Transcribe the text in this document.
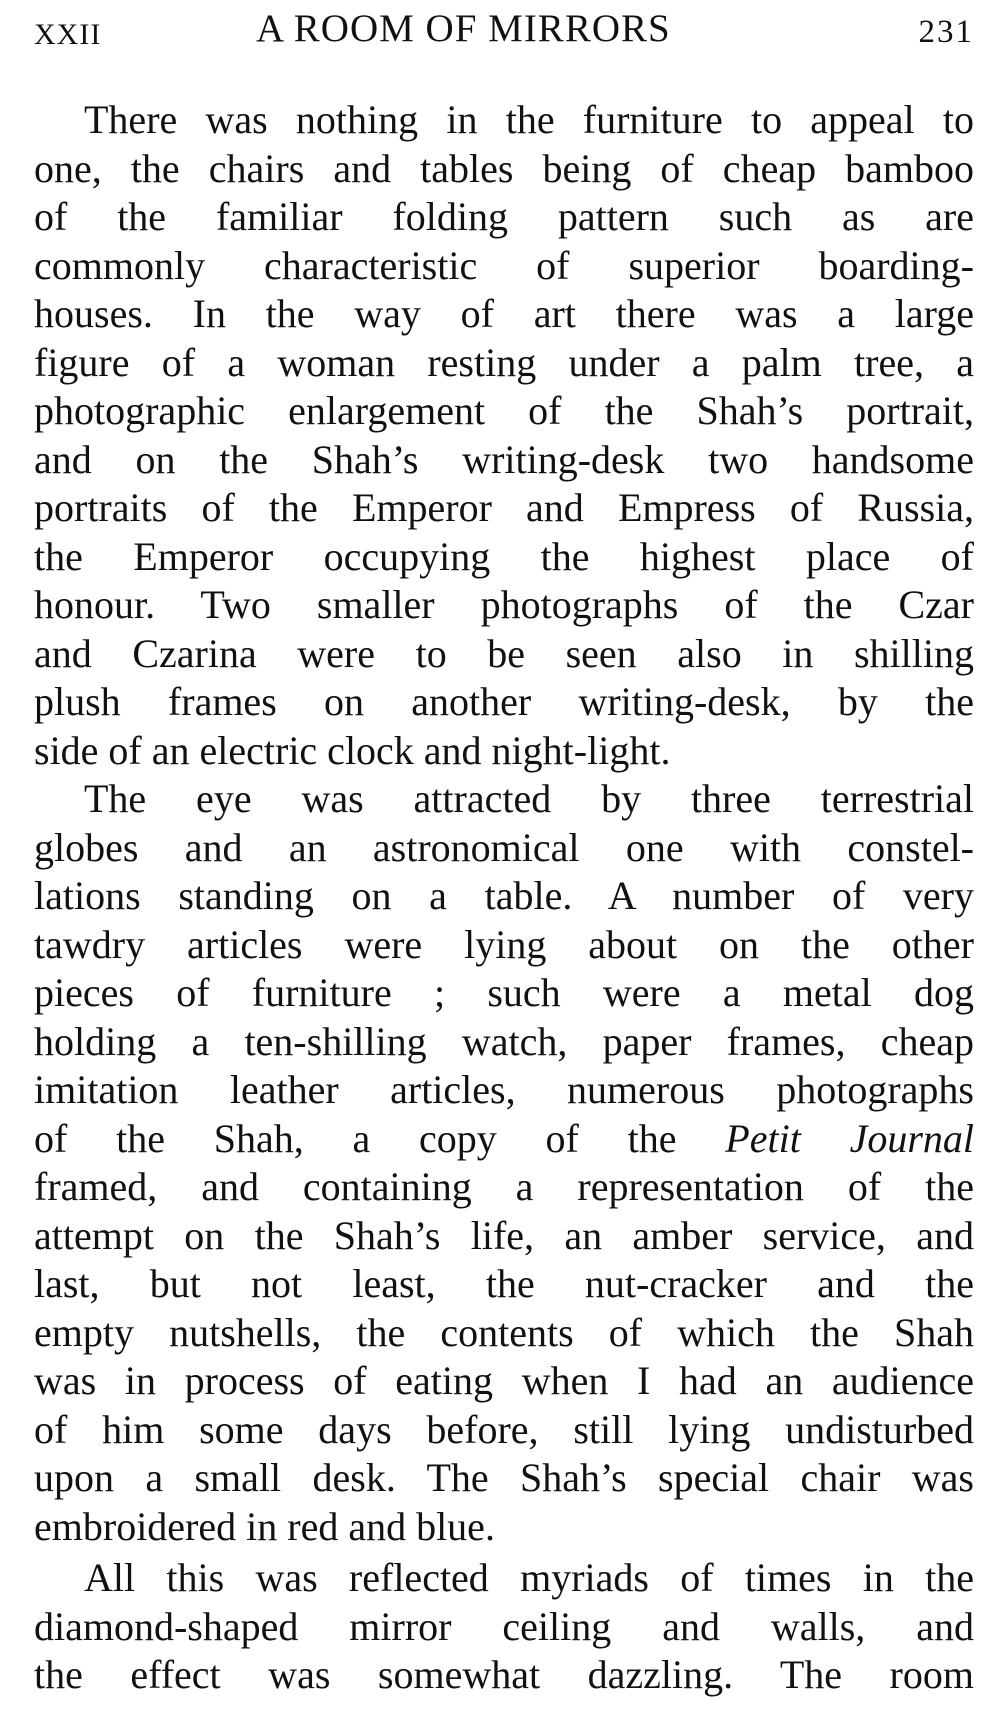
XXII	A ROOM OF MIRRORS	231
There was nothing in the furniture to appeal to
one, the chairs and tables being of cheap bamboo
of the familiar folding pattern such as are
commonly characteristic of superior boarding-
houses. In the way of art there was a large
figure of a woman resting under a palm tree, a
photographic enlargement of the Shah’s portrait,
and on the Shah’s writing-desk two handsome
portraits of the Emperor and Empress of Russia,
the Emperor occupying the highest place of
honour. Two smaller photographs of the Czar
and Czarina were to be seen also in shilling
plush frames on another writing-desk, by the
side of an electric clock and night-light.
The eye was attracted by three terrestrial
globes and an astronomical one with constel-
lations standing on a table. A number of very
tawdry articles were lying about on the other
pieces of furniture ; such were a metal dog
holding a ten-shilling watch, paper frames, cheap
imitation leather articles, numerous photographs
of the Shah, a copy of the Petit Journal
framed, and containing a representation of the
attempt on the Shah’s life, an amber service, and
last, but not least, the nut-cracker and the
empty nutshells, the contents of which the Shah
was in process of eating when I had an audience
of him some days before, still lying undisturbed
upon a small desk. The Shah’s special chair was
embroidered in red and blue.
All this was reflected myriads of times in the
diamond-shaped mirror ceiling and walls, and
the effect was somewhat dazzling. The room
